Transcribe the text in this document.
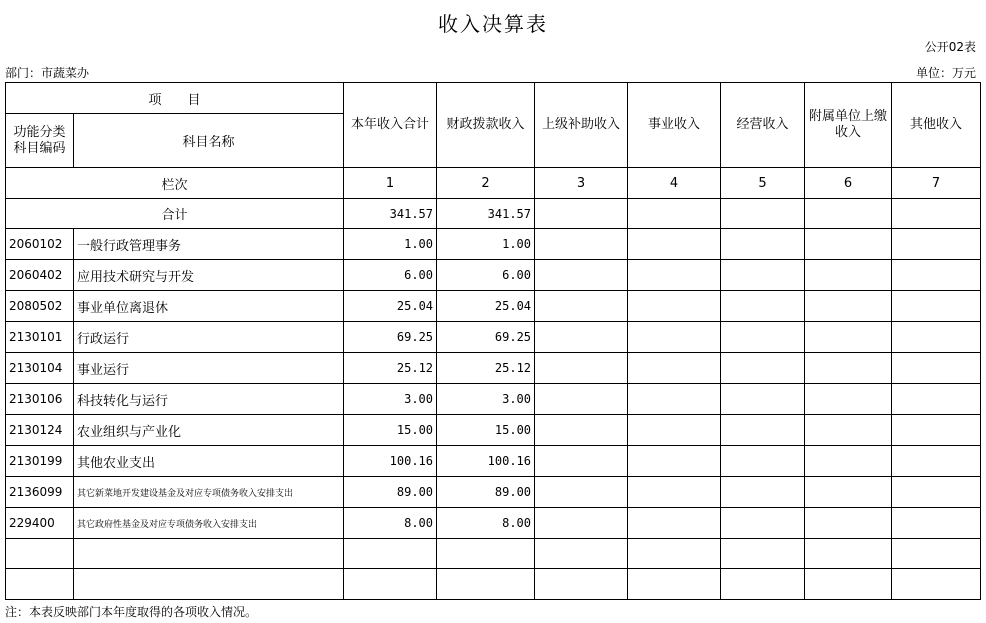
收入决算表
公开02表
部门：市蔬菜办	单位：万元
项　　目		本年收入合计	财政拨款收入	上级补助收入	事业收入	经营收入	附属单位上缴收入	其他收入
功能分类科目编码	科目名称							
栏次		1	2	3	4	5	6	7
合计		341.57	341.57					
2060102	一般行政管理事务	1.00	1.00					
2060402	应用技术研究与开发	6.00	6.00					
2080502	事业单位离退休	25.04	25.04					
2130101	行政运行	69.25	69.25					
2130104	事业运行	25.12	25.12					
2130106	科技转化与运行	3.00	3.00					
2130124	农业组织与产业化	15.00	15.00					
2130199	其他农业支出	100.16	100.16					
2136099	其它新菜地开发建设基金及对应专项债务收入安排支出	89.00	89.00					
229400	其它政府性基金及对应专项债务收入安排支出	8.00	8.00					

注：本表反映部门本年度取得的各项收入情况。
